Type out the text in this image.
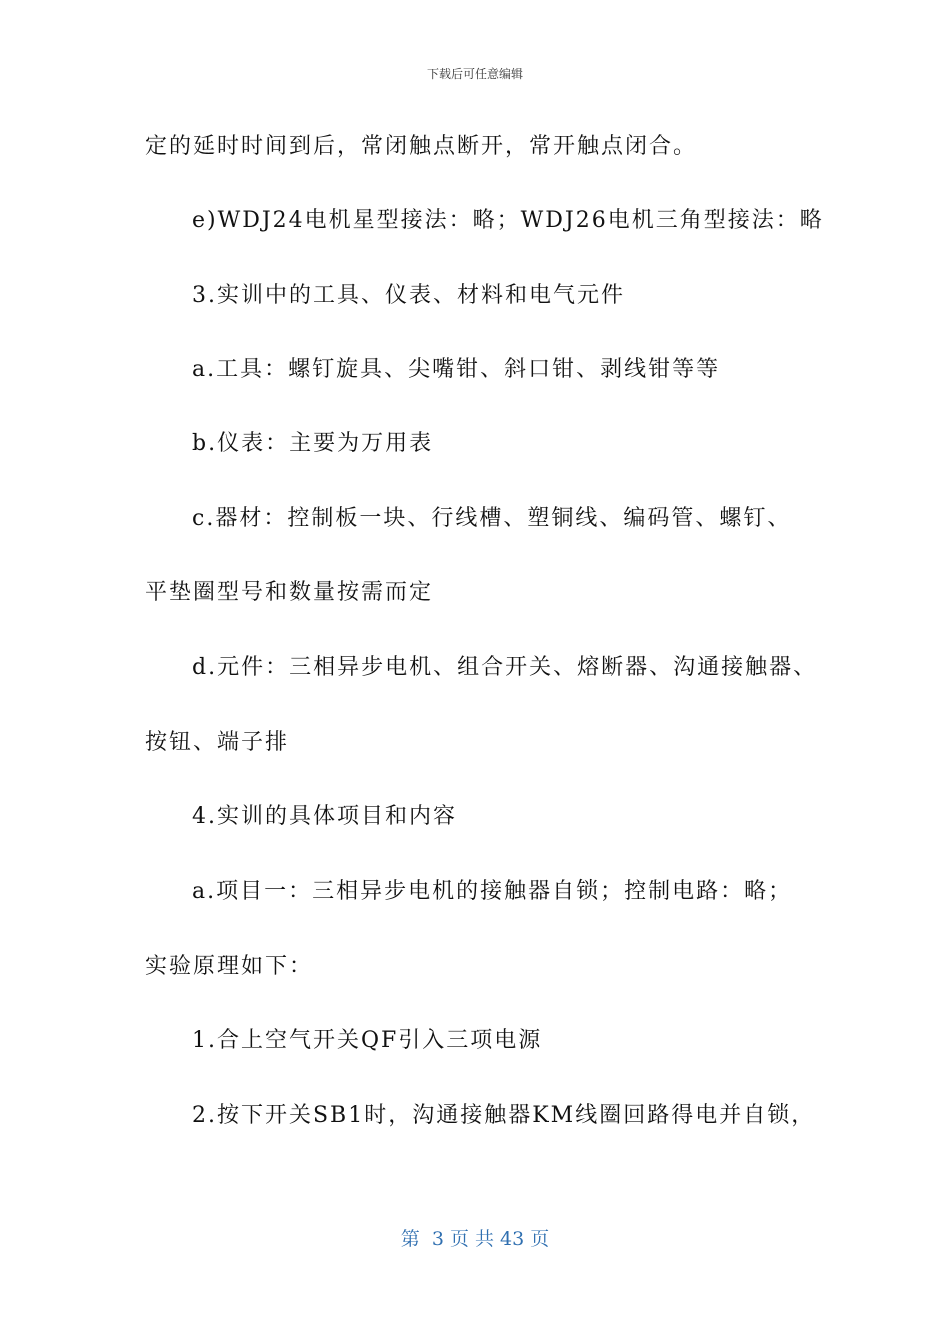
下载后可任意编辑
定的延时时间到后，常闭触点断开，常开触点闭合。
e)WDJ24电机星型接法：略；WDJ26电机三角型接法：略
3.实训中的工具、仪表、材料和电气元件
a.工具：螺钉旋具、尖嘴钳、斜口钳、剥线钳等等
b.仪表：主要为万用表
c.器材：控制板一块、行线槽、塑铜线、编码管、螺钉、
平垫圈型号和数量按需而定
d.元件：三相异步电机、组合开关、熔断器、沟通接触器、
按钮、端子排
4.实训的具体项目和内容
a.项目一：三相异步电机的接触器自锁；控制电路：略；
实验原理如下：
1.合上空气开关QF引入三项电源
2.按下开关SB1时，沟通接触器KM线圈回路得电并自锁，
第  3 页 共 43 页
